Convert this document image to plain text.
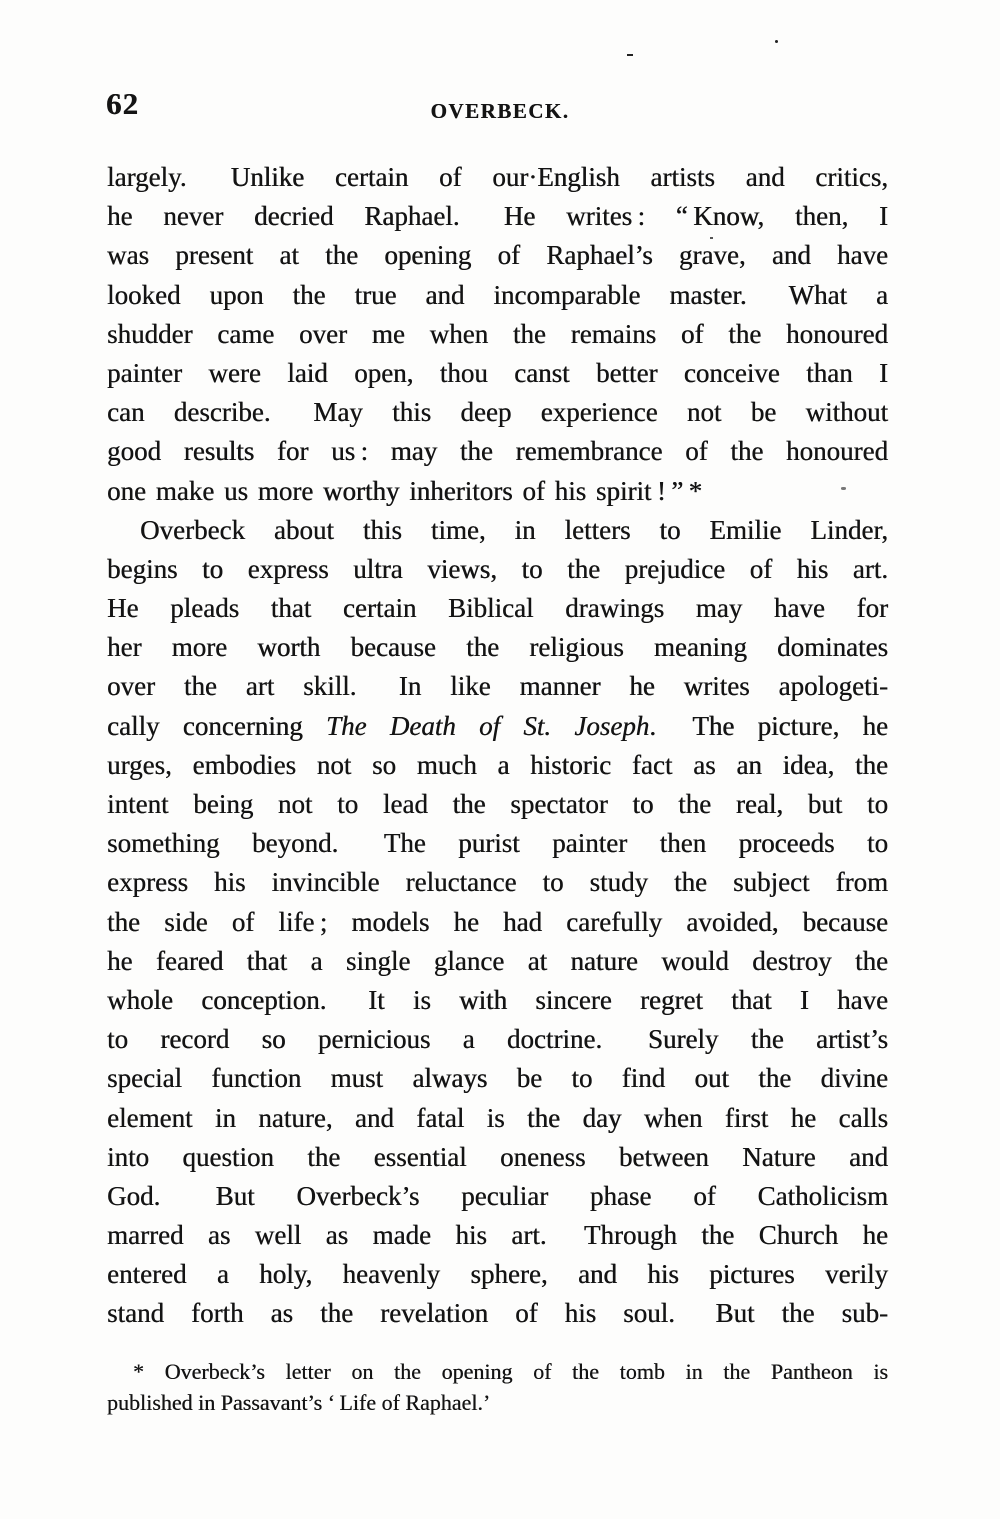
62	OVERBECK.
largely.  Unlike certain of our·English artists and critics,
he never decried Raphael.  He writes : “ Know, then, I
was present at the opening of Raphael’s grave, and have
looked upon the true and incomparable master.  What a
shudder came over me when the remains of the honoured
painter were laid open, thou canst better conceive than I
can describe.  May this deep experience not be without
good results for us : may the remembrance of the honoured
one make us more worthy inheritors of his spirit ! ” *
Overbeck about this time, in letters to Emilie Linder,
begins to express ultra views, to the prejudice of his art.
He pleads that certain Biblical drawings may have for
her more worth because the religious meaning dominates
over the art skill.  In like manner he writes apologeti-
cally concerning The Death of St. Joseph.  The picture, he
urges, embodies not so much a historic fact as an idea, the
intent being not to lead the spectator to the real, but to
something beyond.  The purist painter then proceeds to
express his invincible reluctance to study the subject from
the side of life ; models he had carefully avoided, because
he feared that a single glance at nature would destroy the
whole conception.  It is with sincere regret that I have
to record so pernicious a doctrine.  Surely the artist’s
special function must always be to find out the divine
element in nature, and fatal is the day when first he calls
into question the essential oneness between Nature and
God.  But Overbeck’s peculiar phase of Catholicism
marred as well as made his art.  Through the Church he
entered a holy, heavenly sphere, and his pictures verily
stand forth as the revelation of his soul.  But the sub-
* Overbeck’s letter on the opening of the tomb in the Pantheon is
published in Passavant’s ‘ Life of Raphael.’
